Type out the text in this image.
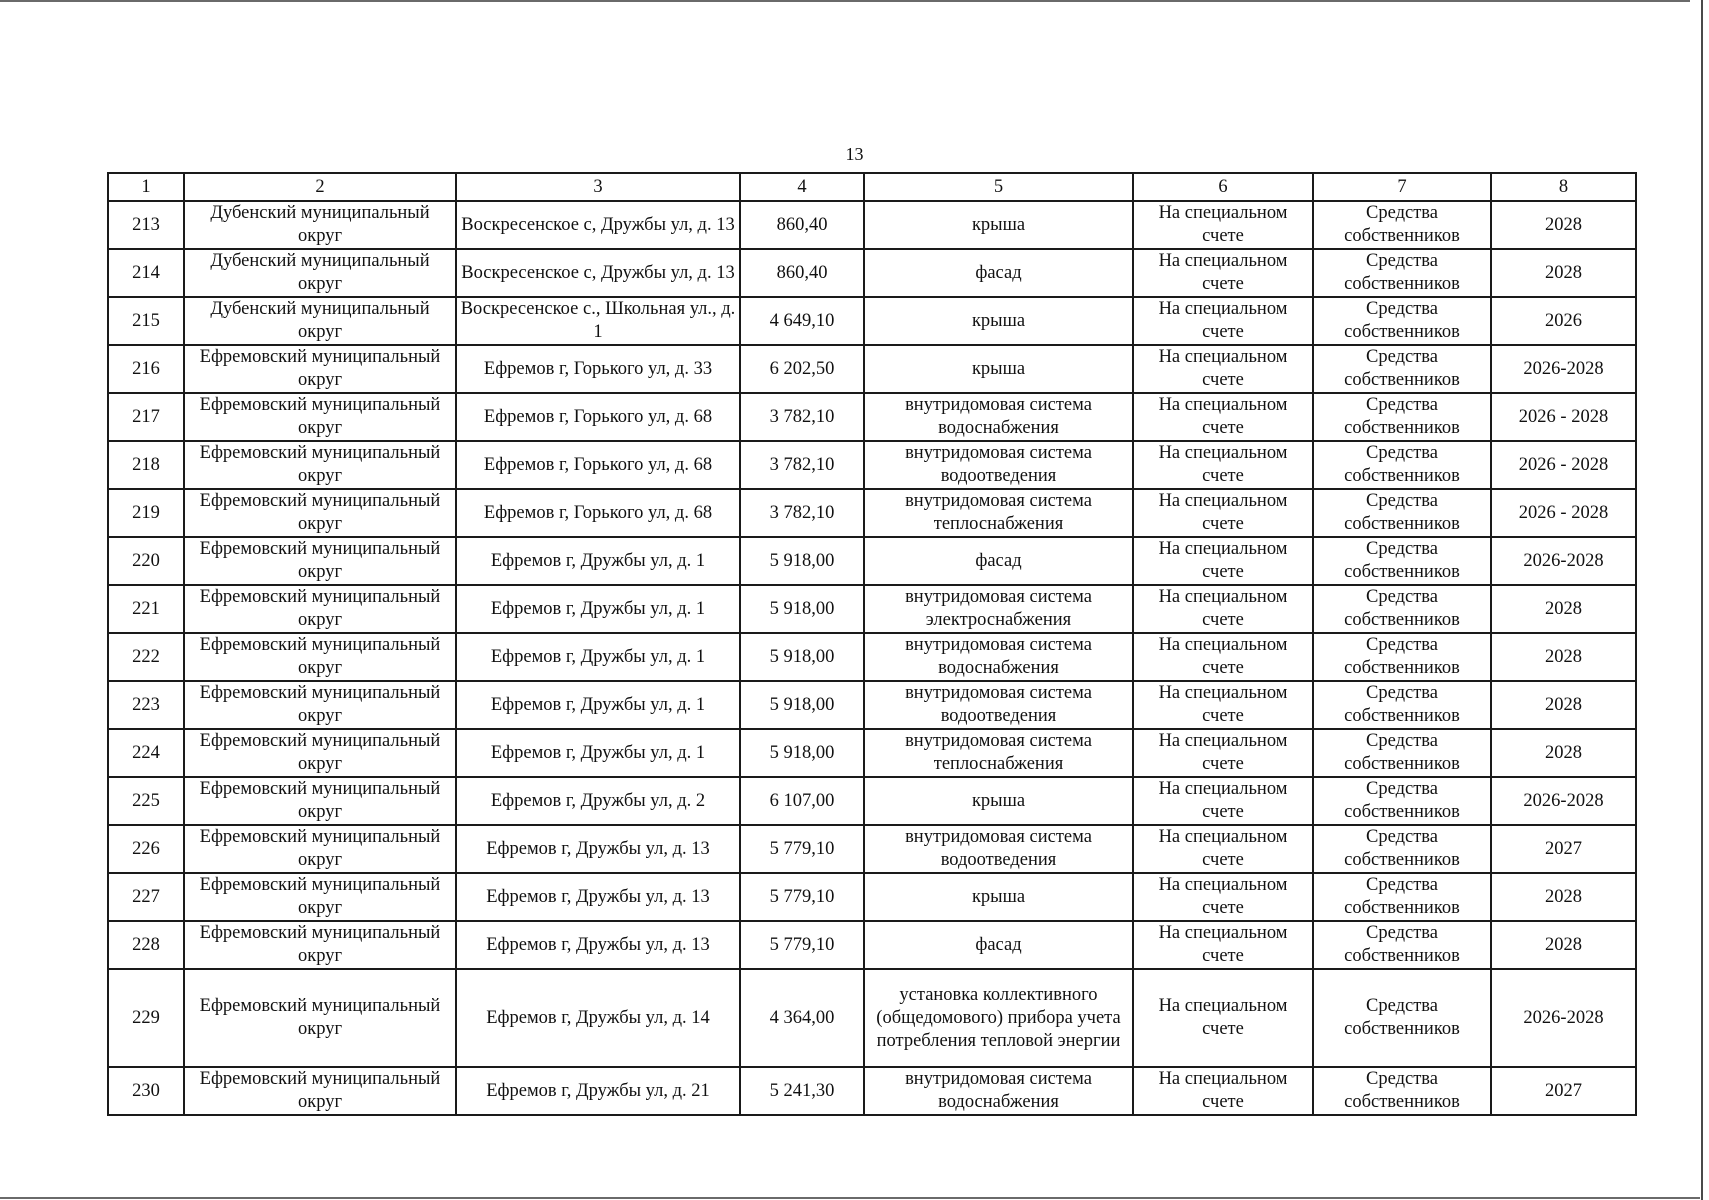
13
1	2	3	4	5	6	7	8
213	Дубенский муниципальный округ	Воскресенское с, Дружбы ул, д. 13	860,40	крыша	На специальном счете	Средства собственников	2028
214	Дубенский муниципальный округ	Воскресенское с, Дружбы ул, д. 13	860,40	фасад	На специальном счете	Средства собственников	2028
215	Дубенский муниципальный округ	Воскресенское с., Школьная ул., д. 1	4 649,10	крыша	На специальном счете	Средства собственников	2026
216	Ефремовский муниципальный округ	Ефремов г, Горького ул, д. 33	6 202,50	крыша	На специальном счете	Средства собственников	2026-2028
217	Ефремовский муниципальный округ	Ефремов г, Горького ул, д. 68	3 782,10	внутридомовая система водоснабжения	На специальном счете	Средства собственников	2026 - 2028
218	Ефремовский муниципальный округ	Ефремов г, Горького ул, д. 68	3 782,10	внутридомовая система водоотведения	На специальном счете	Средства собственников	2026 - 2028
219	Ефремовский муниципальный округ	Ефремов г, Горького ул, д. 68	3 782,10	внутридомовая система теплоснабжения	На специальном счете	Средства собственников	2026 - 2028
220	Ефремовский муниципальный округ	Ефремов г, Дружбы ул, д. 1	5 918,00	фасад	На специальном счете	Средства собственников	2026-2028
221	Ефремовский муниципальный округ	Ефремов г, Дружбы ул, д. 1	5 918,00	внутридомовая система электроснабжения	На специальном счете	Средства собственников	2028
222	Ефремовский муниципальный округ	Ефремов г, Дружбы ул, д. 1	5 918,00	внутридомовая система водоснабжения	На специальном счете	Средства собственников	2028
223	Ефремовский муниципальный округ	Ефремов г, Дружбы ул, д. 1	5 918,00	внутридомовая система водоотведения	На специальном счете	Средства собственников	2028
224	Ефремовский муниципальный округ	Ефремов г, Дружбы ул, д. 1	5 918,00	внутридомовая система теплоснабжения	На специальном счете	Средства собственников	2028
225	Ефремовский муниципальный округ	Ефремов г, Дружбы ул, д. 2	6 107,00	крыша	На специальном счете	Средства собственников	2026-2028
226	Ефремовский муниципальный округ	Ефремов г, Дружбы ул, д. 13	5 779,10	внутридомовая система водоотведения	На специальном счете	Средства собственников	2027
227	Ефремовский муниципальный округ	Ефремов г, Дружбы ул, д. 13	5 779,10	крыша	На специальном счете	Средства собственников	2028
228	Ефремовский муниципальный округ	Ефремов г, Дружбы ул, д. 13	5 779,10	фасад	На специальном счете	Средства собственников	2028
229	Ефремовский муниципальный округ	Ефремов г, Дружбы ул, д. 14	4 364,00	установка коллективного (общедомового) прибора учета потребления тепловой энергии	На специальном счете	Средства собственников	2026-2028
230	Ефремовский муниципальный округ	Ефремов г, Дружбы ул, д. 21	5 241,30	внутридомовая система водоснабжения	На специальном счете	Средства собственников	2027
